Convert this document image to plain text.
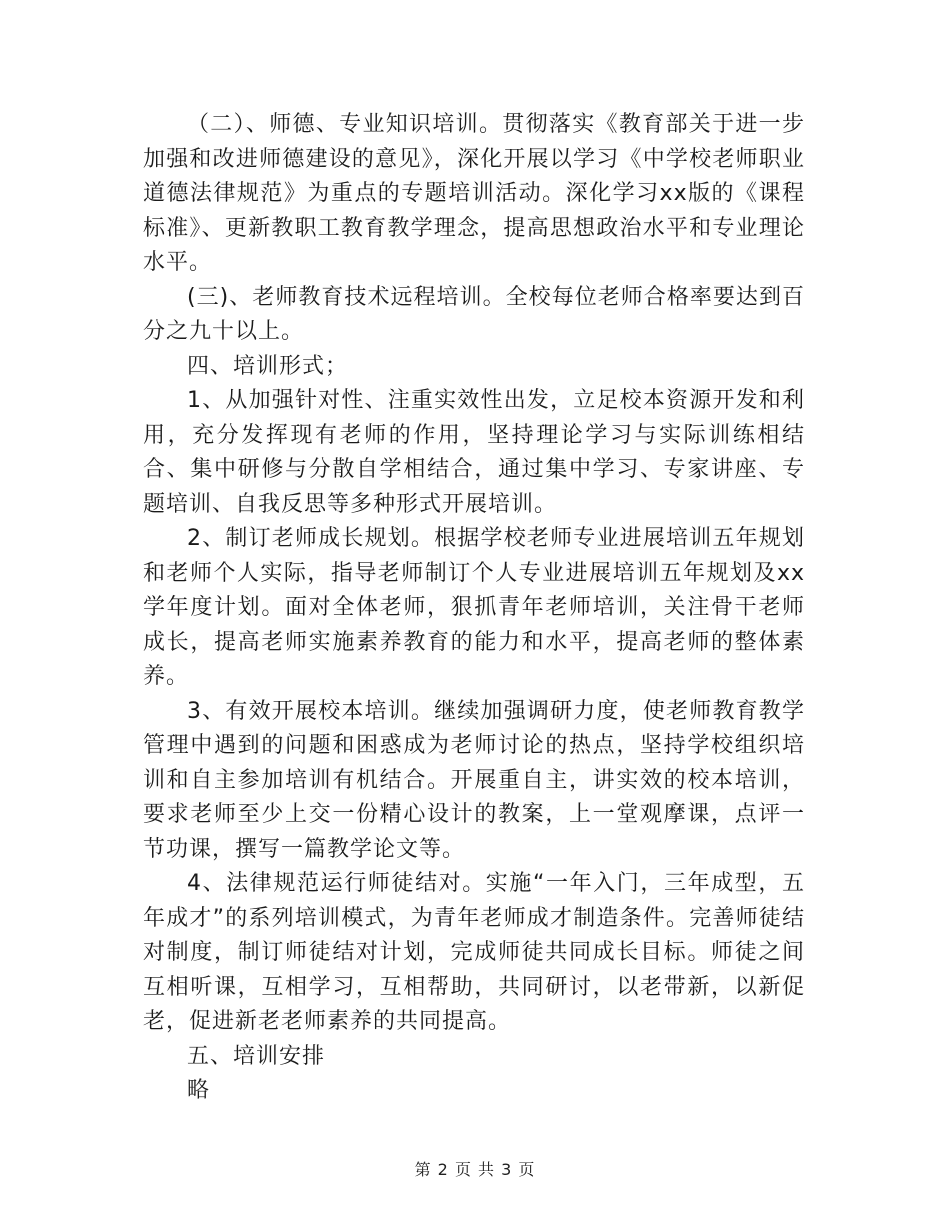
（二）、师德、专业知识培训。贯彻落实《教育部关于进一步加强和改进师德建设的意见》，深化开展以学习《中学校老师职业道德法律规范》为重点的专题培训活动。深化学习xx版的《课程标准》、更新教职工教育教学理念，提高思想政治水平和专业理论水平。

(三)、老师教育技术远程培训。全校每位老师合格率要达到百分之九十以上。

四、培训形式；

1、从加强针对性、注重实效性出发，立足校本资源开发和利用，充分发挥现有老师的作用，坚持理论学习与实际训练相结合、集中研修与分散自学相结合，通过集中学习、专家讲座、专题培训、自我反思等多种形式开展培训。

2、制订老师成长规划。根据学校老师专业进展培训五年规划和老师个人实际，指导老师制订个人专业进展培训五年规划及xx学年度计划。面对全体老师，狠抓青年老师培训，关注骨干老师成长，提高老师实施素养教育的能力和水平，提高老师的整体素养。

3、有效开展校本培训。继续加强调研力度，使老师教育教学管理中遇到的问题和困惑成为老师讨论的热点，坚持学校组织培训和自主参加培训有机结合。开展重自主，讲实效的校本培训，要求老师至少上交一份精心设计的教案，上一堂观摩课，点评一节功课，撰写一篇教学论文等。

4、法律规范运行师徒结对。实施“一年入门，三年成型，五年成才”的系列培训模式，为青年老师成才制造条件。完善师徒结对制度，制订师徒结对计划，完成师徒共同成长目标。师徒之间互相听课，互相学习，互相帮助，共同研讨，以老带新，以新促老，促进新老老师素养的共同提高。

五、培训安排

略

第 2 页 共 3 页
